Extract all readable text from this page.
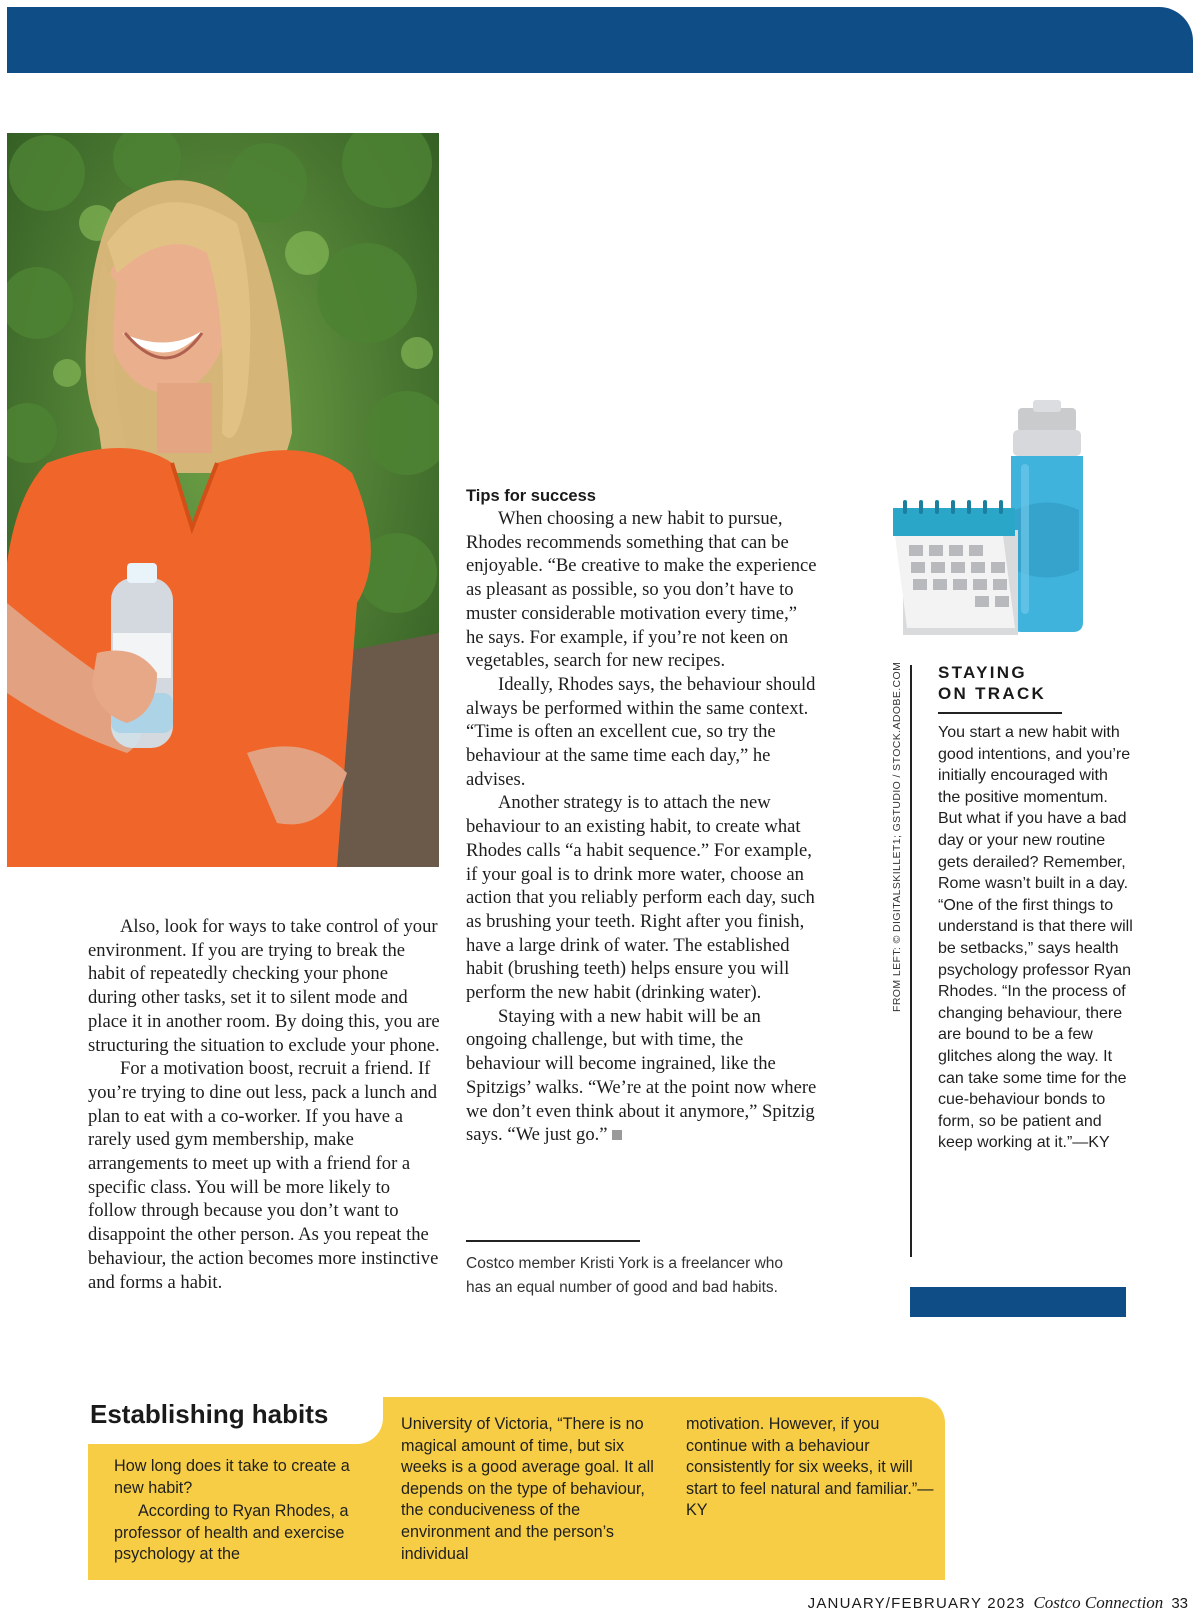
Also, look for ways to take control of your environment. If you are trying to break the habit of repeatedly checking your phone during other tasks, set it to silent mode and place it in another room. By doing this, you are structuring the situation to exclude your phone.

For a motivation boost, recruit a friend. If you’re trying to dine out less, pack a lunch and plan to eat with a co-worker. If you have a rarely used gym membership, make arrangements to meet up with a friend for a specific class. You will be more likely to follow through because you don’t want to disappoint the other person. As you repeat the behaviour, the action becomes more instinctive and forms a habit.

Tips for success

When choosing a new habit to pursue, Rhodes recommends something that can be enjoyable. “Be creative to make the experience as pleasant as possible, so you don’t have to muster considerable motivation every time,” he says. For example, if you’re not keen on vegetables, search for new recipes.

Ideally, Rhodes says, the behaviour should always be performed within the same context. “Time is often an excellent cue, so try the behaviour at the same time each day,” he advises.

Another strategy is to attach the new behaviour to an existing habit, to create what Rhodes calls “a habit sequence.” For example, if your goal is to drink more water, choose an action that you reliably perform each day, such as brushing your teeth. Right after you finish, have a large drink of water. The established habit (brushing teeth) helps ensure you will perform the new habit (drinking water).

Staying with a new habit will be an ongoing challenge, but with time, the behaviour will become ingrained, like the Spitzigs’ walks. “We’re at the point now where we don’t even think about it anymore,” Spitzig says. “We just go.”

Costco member Kristi York is a freelancer who has an equal number of good and bad habits.
FROM LEFT: © DIGITALSKILLET1; GSTUDIO / STOCK.ADOBE.COM STAYING
ON TRACK
You start a new habit with good intentions, and you’re initially encouraged with the positive momentum. But what if you have a bad day or your new routine gets derailed? Remember, Rome wasn’t built in a day. “One of the first things to understand is that there will be setbacks,” says health psychology professor Ryan Rhodes. “In the process of changing behaviour, there are bound to be a few glitches along the way. It can take some time for the cue-behaviour bonds to form, so be patient and keep working at it.”—KY
Establishing habits
How long does it take to create a new habit?
According to Ryan Rhodes, a professor of health and exercise psychology at the
University of Victoria, “There is no magical amount of time, but six weeks is a good average goal. It all depends on the type of behaviour, the conduciveness of the environment and the person’s individual
motivation. However, if you continue with a behaviour consistently for six weeks, it will start to feel natural and familiar.”—KY
JANUARY/FEBRUARY 2023 Costco Connection 33
